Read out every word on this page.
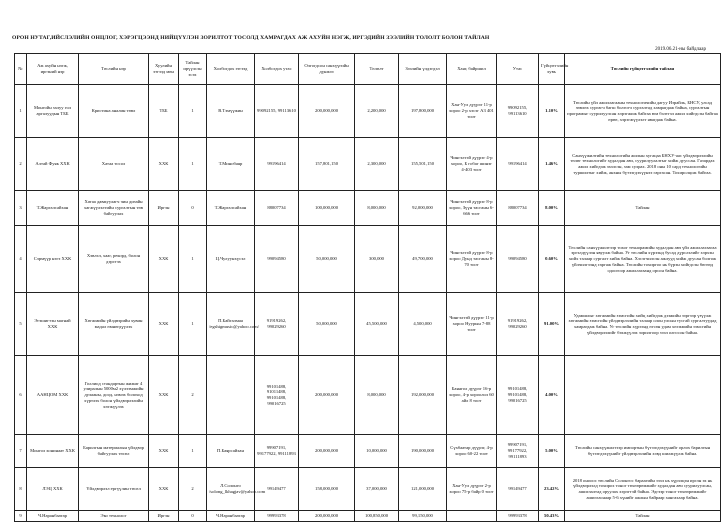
ОРОН НУТАГ,ИЙСЛЭЛИЙН ОНЦЛОГ, ХЭРЭГЦЭЭНД НИЙЦҮҮЛЭН ЗОРИЛТОТ ТОСОЛД ХАМРАГДАХ АЖ АХУЙН НЭГЖ, ИРГЭДИЙН ЗЭЭЛИЙН ТОЛОЛТ БОЛОН ТАЙЛАН
2019.06.21-ны байдлаар
№	Аж ахуйн нэгж, иргэний нэр	Төслийн нэр	Хуулийн этгээд мөн	Тайлан ирүүлсэн эсэх	Холбогдох этгээд	Холбогдох утас	Олгогдсон санхүүгийн дүнжээ	Төлөлт	Зээлийн үлдэгдэл	Хаяг, байршил	Утас	Гүйцэтгэлийн хувь	Төслийн гүйцэтгэлийн тайлан
1	Монгойн залуу гол аргалуудын ТББ	Кристина аналин төвл	ТББ	1	В.Тэмүүжин	99092155, 99113610	200,000,000	2,200,000	197,800,000	Хан-Уул дүүрэг 11-р хороо 2-р хэсэг А3 401 тоот	99092155, 99113610	1.10%	Төслийн үйл ажиллагааны технологичийн дагуу Израйль, БНСУ, улсад зөвлөх сургагч багш болгогч сургалтад хамрагдаж байна, сургалтын програмыг суурилуулсан хэрэгжиж байгаа юм бэлтгэл ажил хийгдсэн байгаа өрөө, хэрэгжүүлэлт явагдаж байна.
2	Алтай Фуяк ХХК	Хатаа тосол	ХХК	1	Т.Минобаяр	99196414	157,801,150	2,300,000	155,501,150	Чингэлтэй дүүрэг 4-р хороо, Б гобаг шинэг 4-403 тоот	99196414	1.46%	Санхүүжилтийн технологийн жилын хугацаа БНХУ-аас үйлдвэрлэлийн төлөг технологийг худалдан авч, суурилуулалтыг хийж дууссан. Газардах ажил хийгдэж эхэлсэн, зам сулрах. 2018 оны 10 сард технологийн туршилтыг хийж, анхны бүтээгдэхүүнээ гаргасан. Тохиролцож байгаа.
3	Т.Жаргалсайхан	Хатаа давжуулагч чин дизайн хагжүүлэлтийн сургалтын төв байгуулах	Иргэн	0	Т.Жаргалсайхан	88007734	100,000,000	8,000,000	92,000,000	Чингэлтэй дүүрэг 8-р хороо, Зүүн тасганы 6-666 тоот	88007734	8.00%	Тайлан
4	Сэрмүүр нэгэ ХХК	Хэвлэл, хааг, рекорд, болон дэрстэх	ХХК	1	Ц.Чулуунхүсэл	99094580	50,000,000	300,000	49,700,000	Чингэлтэй дүүрэг 8-р хороо Дунд тасганы 8-70 тоот	99094580	0.60%	Төслийн санхүүжилтээр тохог технорамийн худалдан авч үйл ажиллагаагаа эргэлдүүлэн явуулж байна. Уг төслийн хүрээнд бусад дүрслэлийг хэрхэн хийх талаар сургалт хийж байна. Хэсэгчилсэн ажлууд хийж дуусан болгож үйлчилгээнд гаргаж байна. Төслийн тохиргоо нь бүрэн хийгдсэн бөгөөд одоогоор ажиллагаанд орсон байна.
5	Эгэшигтэн магнай ХХК	Хөгжмийн үйлдвэрийн хувин мадал өмнөгдүүлэх	ХХК	1	П.Байгалмаа /egshigmusic@yahoo.com/	91919262, 99029260	50,000,000	45,500,000	4,500,000	Чингэлтэй дүүрэг 11-р хороо Нуурын 7-88 тоот	91919262, 99029260	91.00%	Удамшлыг хөгжмийн зэмсгийн хийц хийгдэж дээжийн зэргээр үзүүлж хөгжмийн зэмсгийн үйлдвэрлэлийн талаар олон улсын тусгай сургалтуудад хамрагдаж байна. Уг төслийн хүрээнд өгсөн удам хөгжмийн зэмсгийн үйлдвэрлэлийг бэхжүүлэх зорилгоор зээл олгосон байна.
6	ААНЦОМ ХХК	Голлиод стандартын жижиг 4 улиралын 5000м2 хүлээмжийн дулааны, доод, нэмэх болоход хүртлэх болон үйлдвэрлэлийн хөгжүүлэх	ХХК	2		99101488, 91011488, 99101488, 99016725	200,000,000	8,000,000	192,000,000	Баянгол дүүрэг 16-р хороо, 4-р хороолол 60 айл 8 тоот	99101488, 99101488, 99016725	4.00%	
7	Монгол хонинаат ХХК	Барилгын материалын үйлдвэр байгуулах төсөл	ХХК	1	П.Баярсайхан	99907191, 99177922, 99111893	200,000,000	10,000,000	190,000,000	Сүхбаатар дүүрэг, 4-р хороо 60-22 тоот	99907191, 99177922, 99111893	5.00%	Төслийн санхүүжилтээр импортын бүтээгдэхүүнийг орлох барилгын бүтээгдэхүүнийг үйлдвэрлэлийн хэвд шилжүүлж байна.
8	ЛЭЦ ХХК	Үйлдвэрлэл ергүүлин төсөл	ХХК	2	Л.Солонго /solong_lkhagjav@yahoo.com	99149477	158,000,000	37,000,000	121,000,000	Хан-Уул дүүрэг 2-р хороо 75-р байр 0 тоот	99149477	23.42%	2018 онооос төслийн Солонгос бараагийн зээл нь хүрэлцэн ирсэн эх нь үйлдвэрлэлд тохирох тоног төхөөрөмжийг худалдан авч суурилуулсан, ашиглалтад оруулах хэрэгтэй байна. Эдгээр тоног төхөөрөмжийг ашигласнаар 5-6 хүнийг ажлын байраар хангахаар байна.
9	Ч.Наранбаатар	Эко технолог	Иргэн	0	Ч.Наранбаатар	99993378	200,000,000	100,850,000	99,150,000		99993378	50.43%	Тайлан
